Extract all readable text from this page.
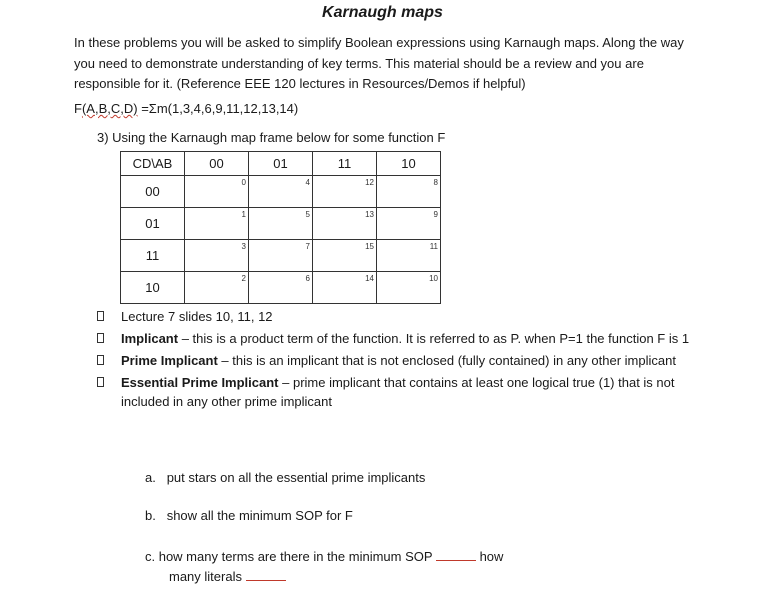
Karnaugh maps
In these problems you will be asked to simplify Boolean expressions using Karnaugh maps. Along the way you need to demonstrate understanding of key terms. This material should be a review and you are responsible for it. (Reference EEE 120 lectures in Resources/Demos if helpful)
F(A,B,C,D) =Σm(1,3,4,6,9,11,12,13,14)
3) Using the Karnaugh map frame below for some function F
CD\AB	00	01	11	10
00	0	4	12	8

01	1	5	13	9

11	3	7	15	11

10	2	6	14	10
Lecture 7 slides 10, 11, 12
Implicant – this is a product term of the function. It is referred to as P. when P=1 the function F is 1
Prime Implicant – this is an implicant that is not enclosed (fully contained) in any other implicant
Essential Prime Implicant – prime implicant that contains at least one logical true (1) that is not included in any other prime implicant
a. put stars on all the essential prime implicants
b. show all the minimum SOP for F
c. how many terms are there in the minimum SOP	how
many literals
